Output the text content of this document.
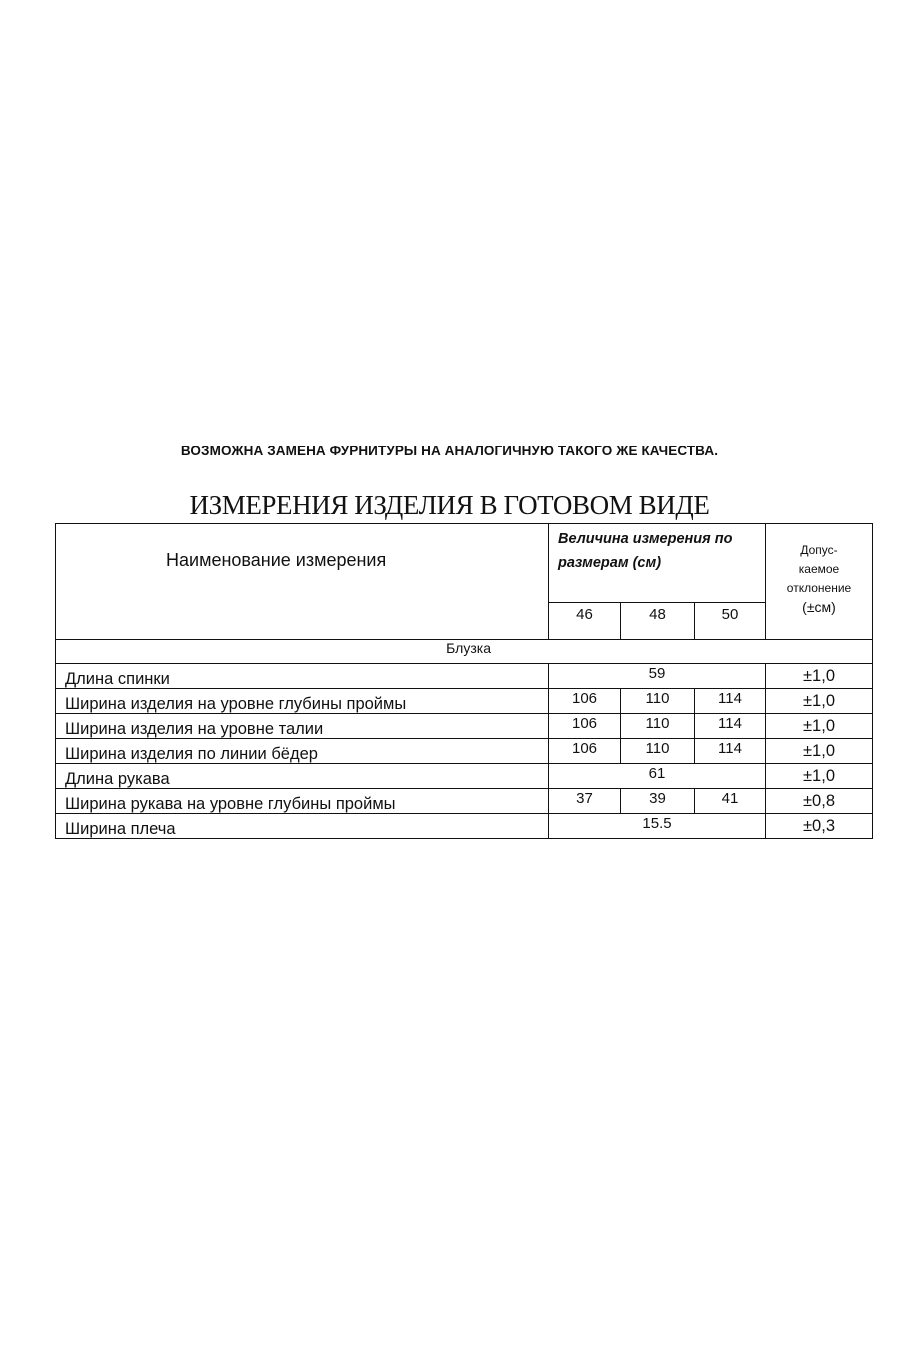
$^{ВОЗМОЖНА ЗАМЕНА ФУРНИТУРЫ НА АНАЛОГИЧНУЮ ТАКОГО ЖЕ КАЧЕСТВА.}$
ИЗМЕРЕНИЯ ИЗДЕЛИЯ В ГОТОВОМ ВИДЕ
Наименование измерения	Величина измерения по размерам (см)			Допус-
каемое
отклонение
(±см)
	46	48	50	

Блузка				

Длина спинки	59			±1,0
Ширина изделия на уровне глубины проймы	106	110	114	±1,0
Ширина изделия на уровне талии	106	110	114	±1,0
Ширина изделия по линии бёдер	106	110	114	±1,0
Длина рукава	61			±1,0
Ширина рукава на уровне глубины проймы	37	39	41	±0,8
Ширина плеча	15.5			±0,3
